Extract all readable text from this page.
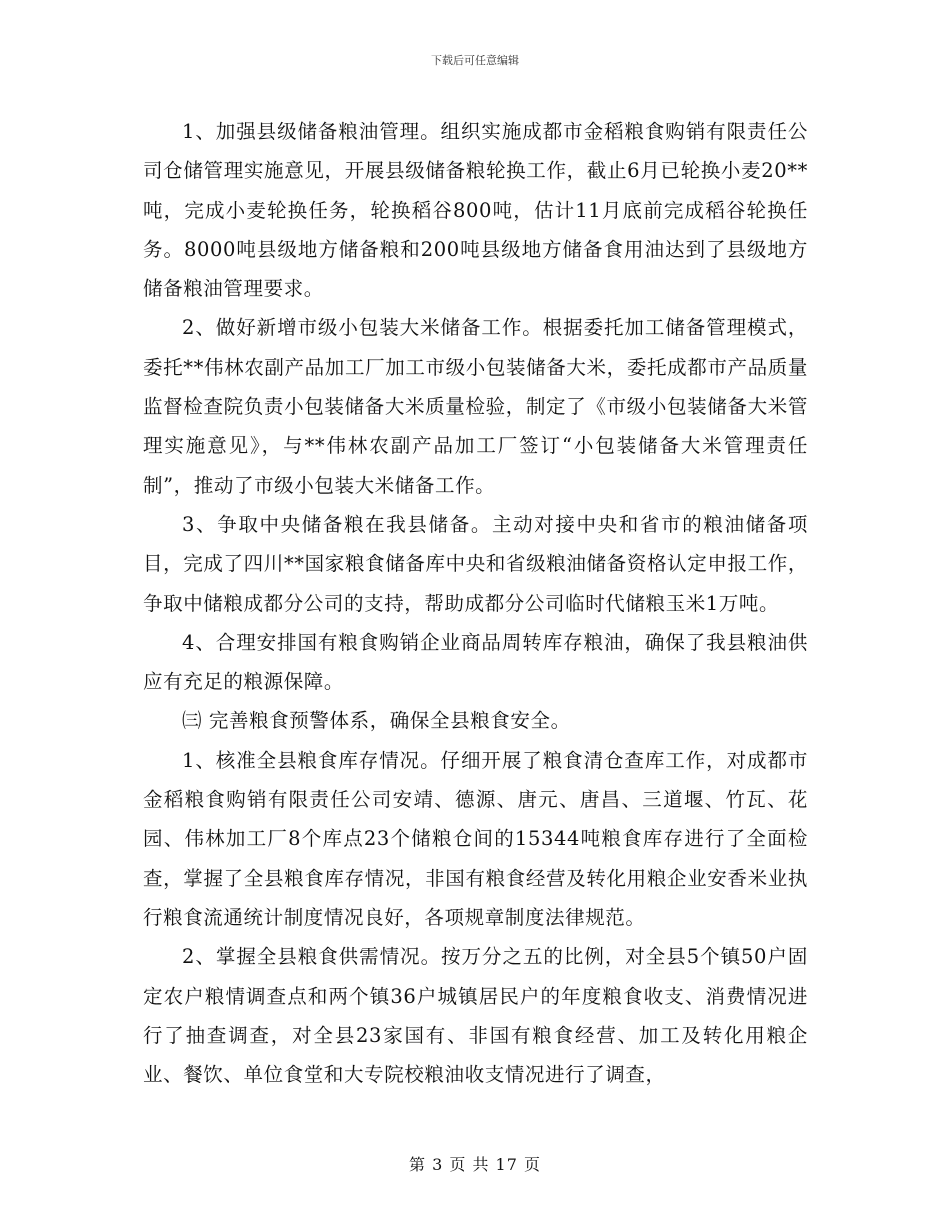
下载后可任意编辑

1、加强县级储备粮油管理。组织实施成都市金稻粮食购销有限责任公司仓储管理实施意见，开展县级储备粮轮换工作，截止6月已轮换小麦20**吨，完成小麦轮换任务，轮换稻谷800吨，估计11月底前完成稻谷轮换任务。8000吨县级地方储备粮和200吨县级地方储备食用油达到了县级地方储备粮油管理要求。

2、做好新增市级小包装大米储备工作。根据委托加工储备管理模式，委托**伟林农副产品加工厂加工市级小包装储备大米，委托成都市产品质量监督检查院负责小包装储备大米质量检验，制定了《市级小包装储备大米管理实施意见》，与**伟林农副产品加工厂签订“小包装储备大米管理责任制”，推动了市级小包装大米储备工作。

3、争取中央储备粮在我县储备。主动对接中央和省市的粮油储备项目，完成了四川**国家粮食储备库中央和省级粮油储备资格认定申报工作，争取中储粮成都分公司的支持，帮助成都分公司临时代储粮玉米1万吨。

4、合理安排国有粮食购销企业商品周转库存粮油，确保了我县粮油供应有充足的粮源保障。

㈢ 完善粮食预警体系，确保全县粮食安全。

1、核准全县粮食库存情况。仔细开展了粮食清仓查库工作，对成都市金稻粮食购销有限责任公司安靖、德源、唐元、唐昌、三道堰、竹瓦、花园、伟林加工厂8个库点23个储粮仓间的15344吨粮食库存进行了全面检查，掌握了全县粮食库存情况，非国有粮食经营及转化用粮企业安香米业执行粮食流通统计制度情况良好，各项规章制度法律规范。

2、掌握全县粮食供需情况。按万分之五的比例，对全县5个镇50户固定农户粮情调查点和两个镇36户城镇居民户的年度粮食收支、消费情况进行了抽查调查，对全县23家国有、非国有粮食经营、加工及转化用粮企业、餐饮、单位食堂和大专院校粮油收支情况进行了调查，

第 3 页 共 17 页
